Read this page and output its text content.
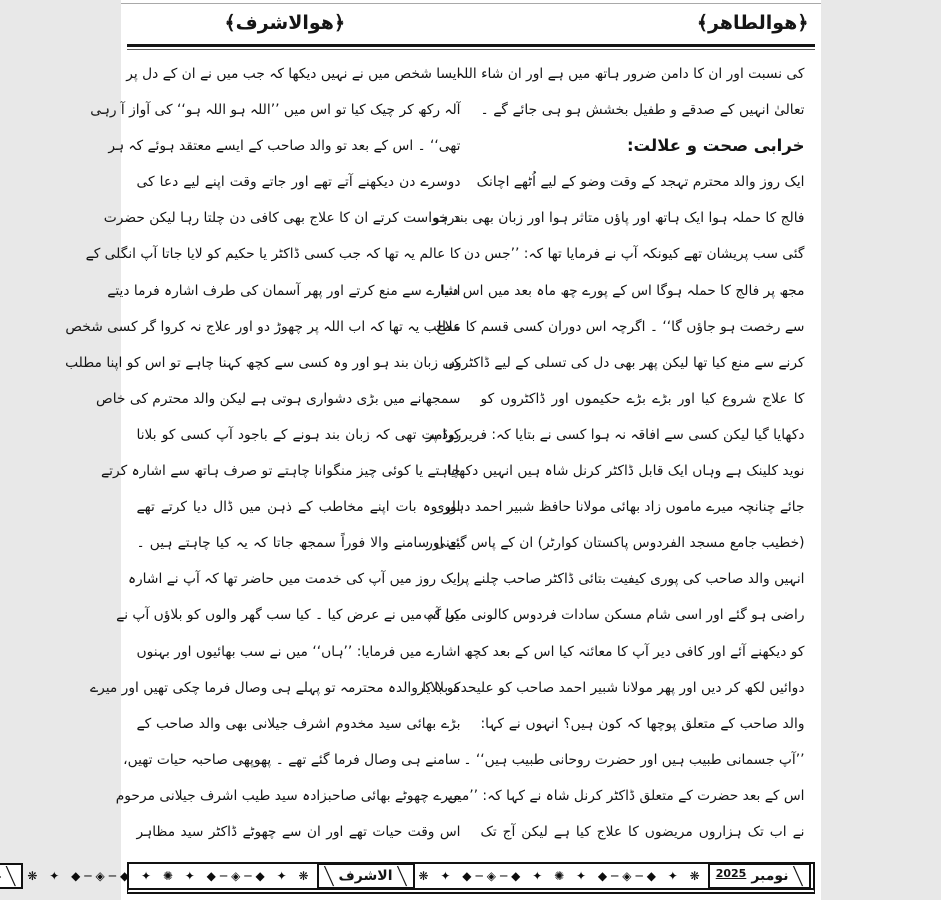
﴿ھوالطاھر﴾
﴿ھوالاشرف﴾
کی نسبت اور ان کا دامن ضرور ہاتھ میں ہے اور ان شاء اللہ
تعالیٰ انہیں کے صدقے و طفیل بخشش ہو ہی جائے گے ۔
خرابی صحت و علالت:
ایک روز والد محترم تہجد کے وقت وضو کے لیے اُٹھے اچانک
فالج کا حملہ ہوا ایک ہاتھ اور پاؤں متاثر ہوا اور زبان بھی بند ہو
گئی سب پریشان تھے کیونکہ آپ نے فرمایا تھا کہ: ’’جس دن
مجھ پر فالج کا حملہ ہوگا اس کے پورے چھ ماہ بعد میں اس دنیا
سے رخصت ہو جاؤں گا‘‘ ۔ اگرچہ اس دوران کسی قسم کا علاج
کرنے سے منع کیا تھا لیکن پھر بھی دل کی تسلی کے لیے ڈاکٹروں
کا علاج شروع کیا اور بڑے بڑے حکیموں اور ڈاکٹروں کو
دکھایا گیا لیکن کسی سے افاقہ نہ ہوا کسی نے بتایا کہ: فریرروڈ پر
نوید کلینک ہے وہاں ایک قابل ڈاکٹر کرنل شاہ ہیں انہیں دکھایا
جائے چنانچہ میرے ماموں زاد بھائی مولانا حافظ شبیر احمد دہلوی
(خطیب جامع مسجد الفردوس پاکستان کوارٹر) ان کے پاس گئے اور
انہیں والد صاحب کی پوری کیفیت بتائی ڈاکٹر صاحب چلنے پر
راضی ہو گئے اور اسی شام مسکن سادات فردوس کالونی میں آپ
کو دیکھنے آئے اور کافی دیر آپ کا معائنہ کیا اس کے بعد کچھ
دوائیں لکھ کر دیں اور پھر مولانا شبیر احمد صاحب کو علیحدہ بلا کر
والد صاحب کے متعلق پوچھا کہ کون ہیں؟ انہوں نے کہا:
’’آپ جسمانی طبیب ہیں اور حضرت روحانی طبیب ہیں‘‘ ۔
اس کے بعد حضرت کے متعلق ڈاکٹر کرنل شاہ نے کہا کہ: ’’میں
نے اب تک ہزاروں مریضوں کا علاج کیا ہے لیکن آج تک
ایسا شخص میں نے نہیں دیکھا کہ جب میں نے ان کے دل پر
آلہ رکھ کر چیک کیا تو اس میں ’’اللہ ہو اللہ ہو‘‘ کی آواز آ رہی
تھی‘‘ ۔ اس کے بعد تو والد صاحب کے ایسے معتقد ہوئے کہ ہر
دوسرے دن دیکھنے آتے تھے اور جاتے وقت اپنے لیے دعا کی
درخواست کرتے ان کا علاج بھی کافی دن چلتا رہا لیکن حضرت
کا عالم یہ تھا کہ جب کسی ڈاکٹر یا حکیم کو لایا جاتا آپ انگلی کے
اشارے سے منع کرتے اور پھر آسمان کی طرف اشارہ فرما دیتے
مطلب یہ تھا کہ اب اللہ پر چھوڑ دو اور علاج نہ کروا گر کسی شخص
کی زبان بند ہو اور وہ کسی سے کچھ کہنا چاہے تو اس کو اپنا مطلب
سمجھانے میں بڑی دشواری ہوتی ہے لیکن والد محترم کی خاص
کرامت تھی کہ زبان بند ہونے کے باجود آپ کسی کو بلانا
چاہتے یا کوئی چیز منگوانا چاہتے تو صرف ہاتھ سے اشارہ کرتے
اور وہ بات اپنے مخاطب کے ذہن میں ڈال دیا کرتے تھے
یعنی سامنے والا فوراً سمجھ جاتا کہ یہ کیا چاہتے ہیں ۔
ایک روز میں آپ کی خدمت میں حاضر تھا کہ آپ نے اشارہ
کیا کہ میں نے عرض کیا ۔ کیا سب گھر والوں کو بلاؤں آپ نے
اشارے میں فرمایا: ’’ہاں‘‘ میں نے سب بھائیوں اور بہنوں
کو بلایا والدہ محترمہ تو پہلے ہی وصال فرما چکی تھیں اور میرے
بڑے بھائی سید مخدوم اشرف جیلانی بھی والد صاحب کے
سامنے ہی وصال فرما گئے تھے ۔ پھوپھی صاحبہ حیات تھیں،
میرے چھوٹے بھائی صاحبزادہ سید طیب اشرف جیلانی مرحوم
اس وقت حیات تھے اور ان سے چھوٹے ڈاکٹر سید مظاہر
╲
نومبر
2025
❋ ✦ ◆─◈─◆ ✦ ✺ ✦ ◆─◈─◆ ✦ ❋
╲
الاشرف
╲
❋ ✦ ◆─◈─◆ ✦ ✺ ✦ ◆─◈─◆ ✦ ❋
╲
